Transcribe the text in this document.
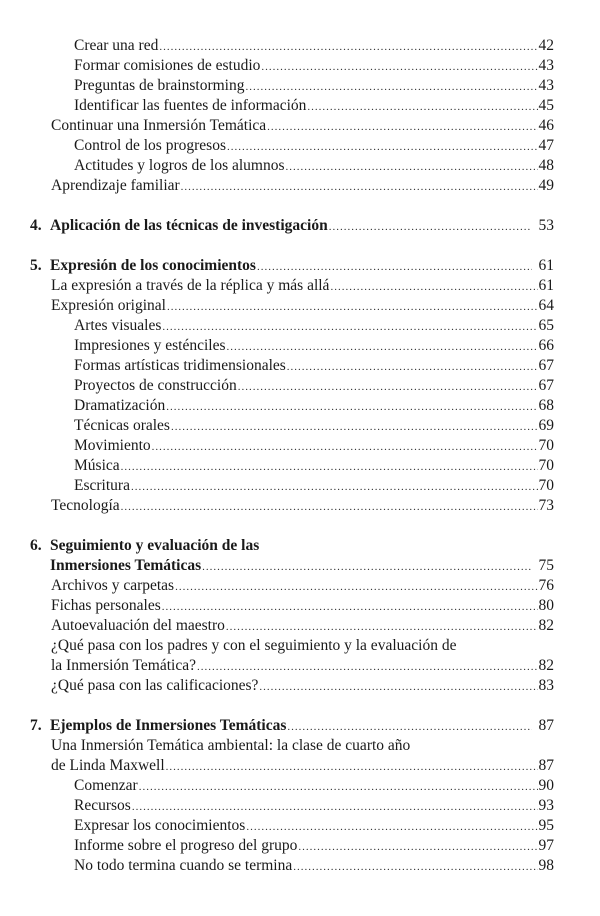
Crear una red .....	42
Formar comisiones de estudio .....	43
Preguntas de brainstorming .....	43
Identificar las fuentes de información .....	45
Continuar una Inmersión Temática .....	46
Control de los progresos .....	47
Actitudes y logros de los alumnos .....	48
Aprendizaje familiar .....	49
4. Aplicación de las técnicas de investigación .....	53
5. Expresión de los conocimientos .....	61
La expresión a través de la réplica y más allá .....	61
Expresión original .....	64
Artes visuales .....	65
Impresiones y esténciles .....	66
Formas artísticas tridimensionales .....	67
Proyectos de construcción .....	67
Dramatización .....	68
Técnicas orales .....	69
Movimiento .....	70
Música .....	70
Escritura .....	70
Tecnología .....	73
6. Seguimiento y evaluación de las
Inmersiones Temáticas .....	75
Archivos y carpetas .....	76
Fichas personales .....	80
Autoevaluación del maestro .....	82
¿Qué pasa con los padres y con el seguimiento y la evaluación de
la Inmersión Temática? .....	82
¿Qué pasa con las calificaciones? .....	83
7. Ejemplos de Inmersiones Temáticas .....	87
Una Inmersión Temática ambiental: la clase de cuarto año
de Linda Maxwell .....	87
Comenzar .....	90
Recursos .....	93
Expresar los conocimientos .....	95
Informe sobre el progreso del grupo .....	97
No todo termina cuando se termina .....	98
